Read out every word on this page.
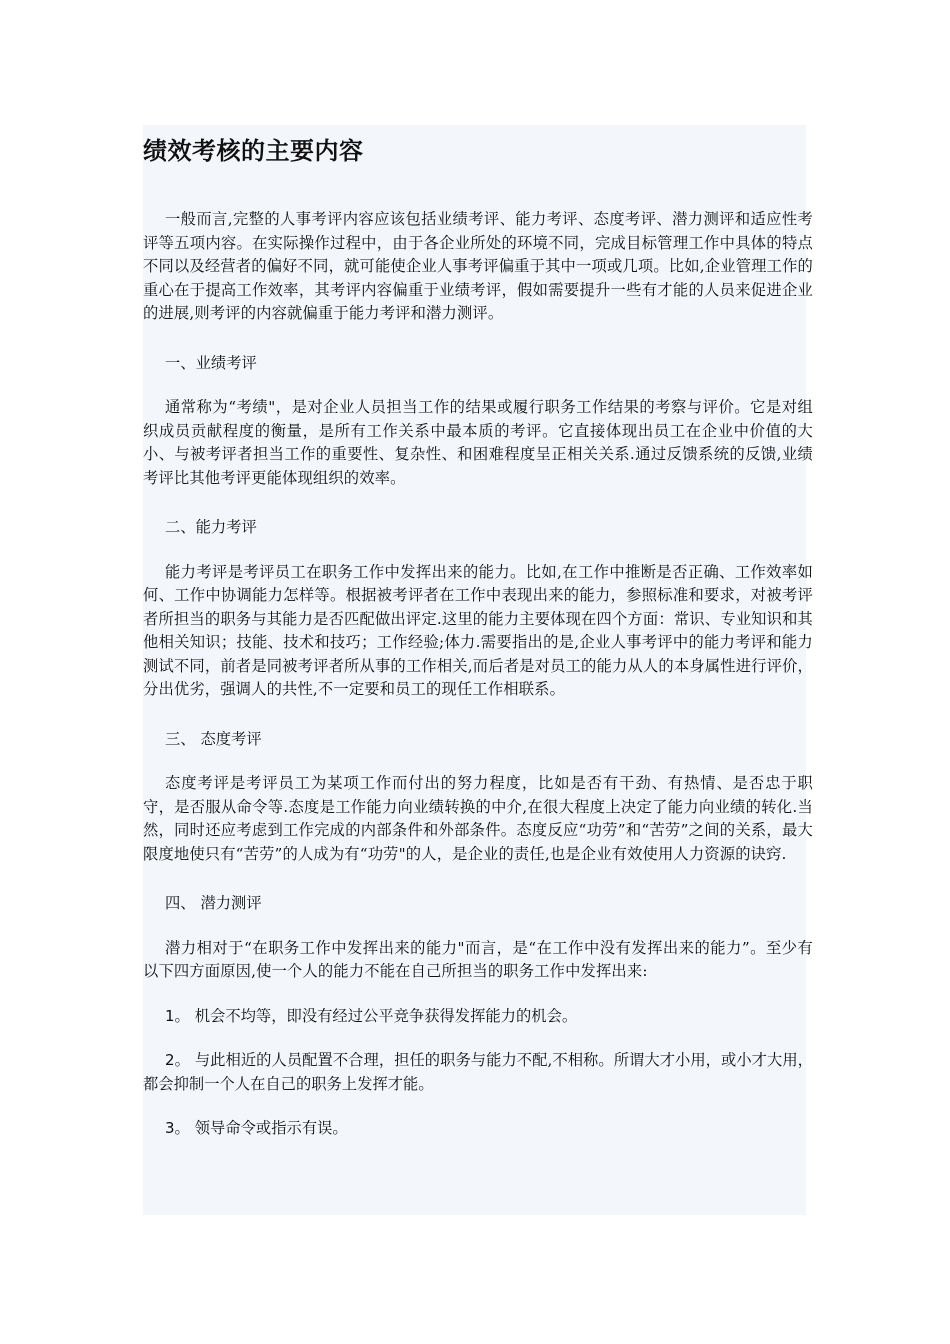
绩效考核的主要内容

一般而言,完整的人事考评内容应该包括业绩考评、能力考评、态度考评、潜力测评和适应性考评等五项内容。在实际操作过程中，由于各企业所处的环境不同，完成目标管理工作中具体的特点不同以及经营者的偏好不同，就可能使企业人事考评偏重于其中一项或几项。比如,企业管理工作的重心在于提高工作效率，其考评内容偏重于业绩考评，假如需要提升一些有才能的人员来促进企业的进展,则考评的内容就偏重于能力考评和潜力测评。

一、业绩考评

通常称为“考绩"，是对企业人员担当工作的结果或履行职务工作结果的考察与评价。它是对组织成员贡献程度的衡量，是所有工作关系中最本质的考评。它直接体现出员工在企业中价值的大小、与被考评者担当工作的重要性、复杂性、和困难程度呈正相关关系.通过反馈系统的反馈,业绩考评比其他考评更能体现组织的效率。

二、能力考评

能力考评是考评员工在职务工作中发挥出来的能力。比如,在工作中推断是否正确、工作效率如何、工作中协调能力怎样等。根据被考评者在工作中表现出来的能力，参照标准和要求，对被考评者所担当的职务与其能力是否匹配做出评定.这里的能力主要体现在四个方面：常识、专业知识和其他相关知识；技能、技术和技巧；工作经验;体力.需要指出的是,企业人事考评中的能力考评和能力测试不同，前者是同被考评者所从事的工作相关,而后者是对员工的能力从人的本身属性进行评价，分出优劣，强调人的共性,不一定要和员工的现任工作相联系。

三、 态度考评

态度考评是考评员工为某项工作而付出的努力程度，比如是否有干劲、有热情、是否忠于职守，是否服从命令等.态度是工作能力向业绩转换的中介,在很大程度上决定了能力向业绩的转化.当然，同时还应考虑到工作完成的内部条件和外部条件。态度反应“功劳”和“苦劳”之间的关系，最大限度地使只有“苦劳”的人成为有“功劳"的人，是企业的责任,也是企业有效使用人力资源的诀窍.

四、 潜力测评

潜力相对于“在职务工作中发挥出来的能力"而言，是“在工作中没有发挥出来的能力”。至少有以下四方面原因,使一个人的能力不能在自己所担当的职务工作中发挥出来:

1。 机会不均等，即没有经过公平竞争获得发挥能力的机会。

2。 与此相近的人员配置不合理，担任的职务与能力不配,不相称。所谓大才小用，或小才大用，都会抑制一个人在自己的职务上发挥才能。

3。 领导命令或指示有误。
